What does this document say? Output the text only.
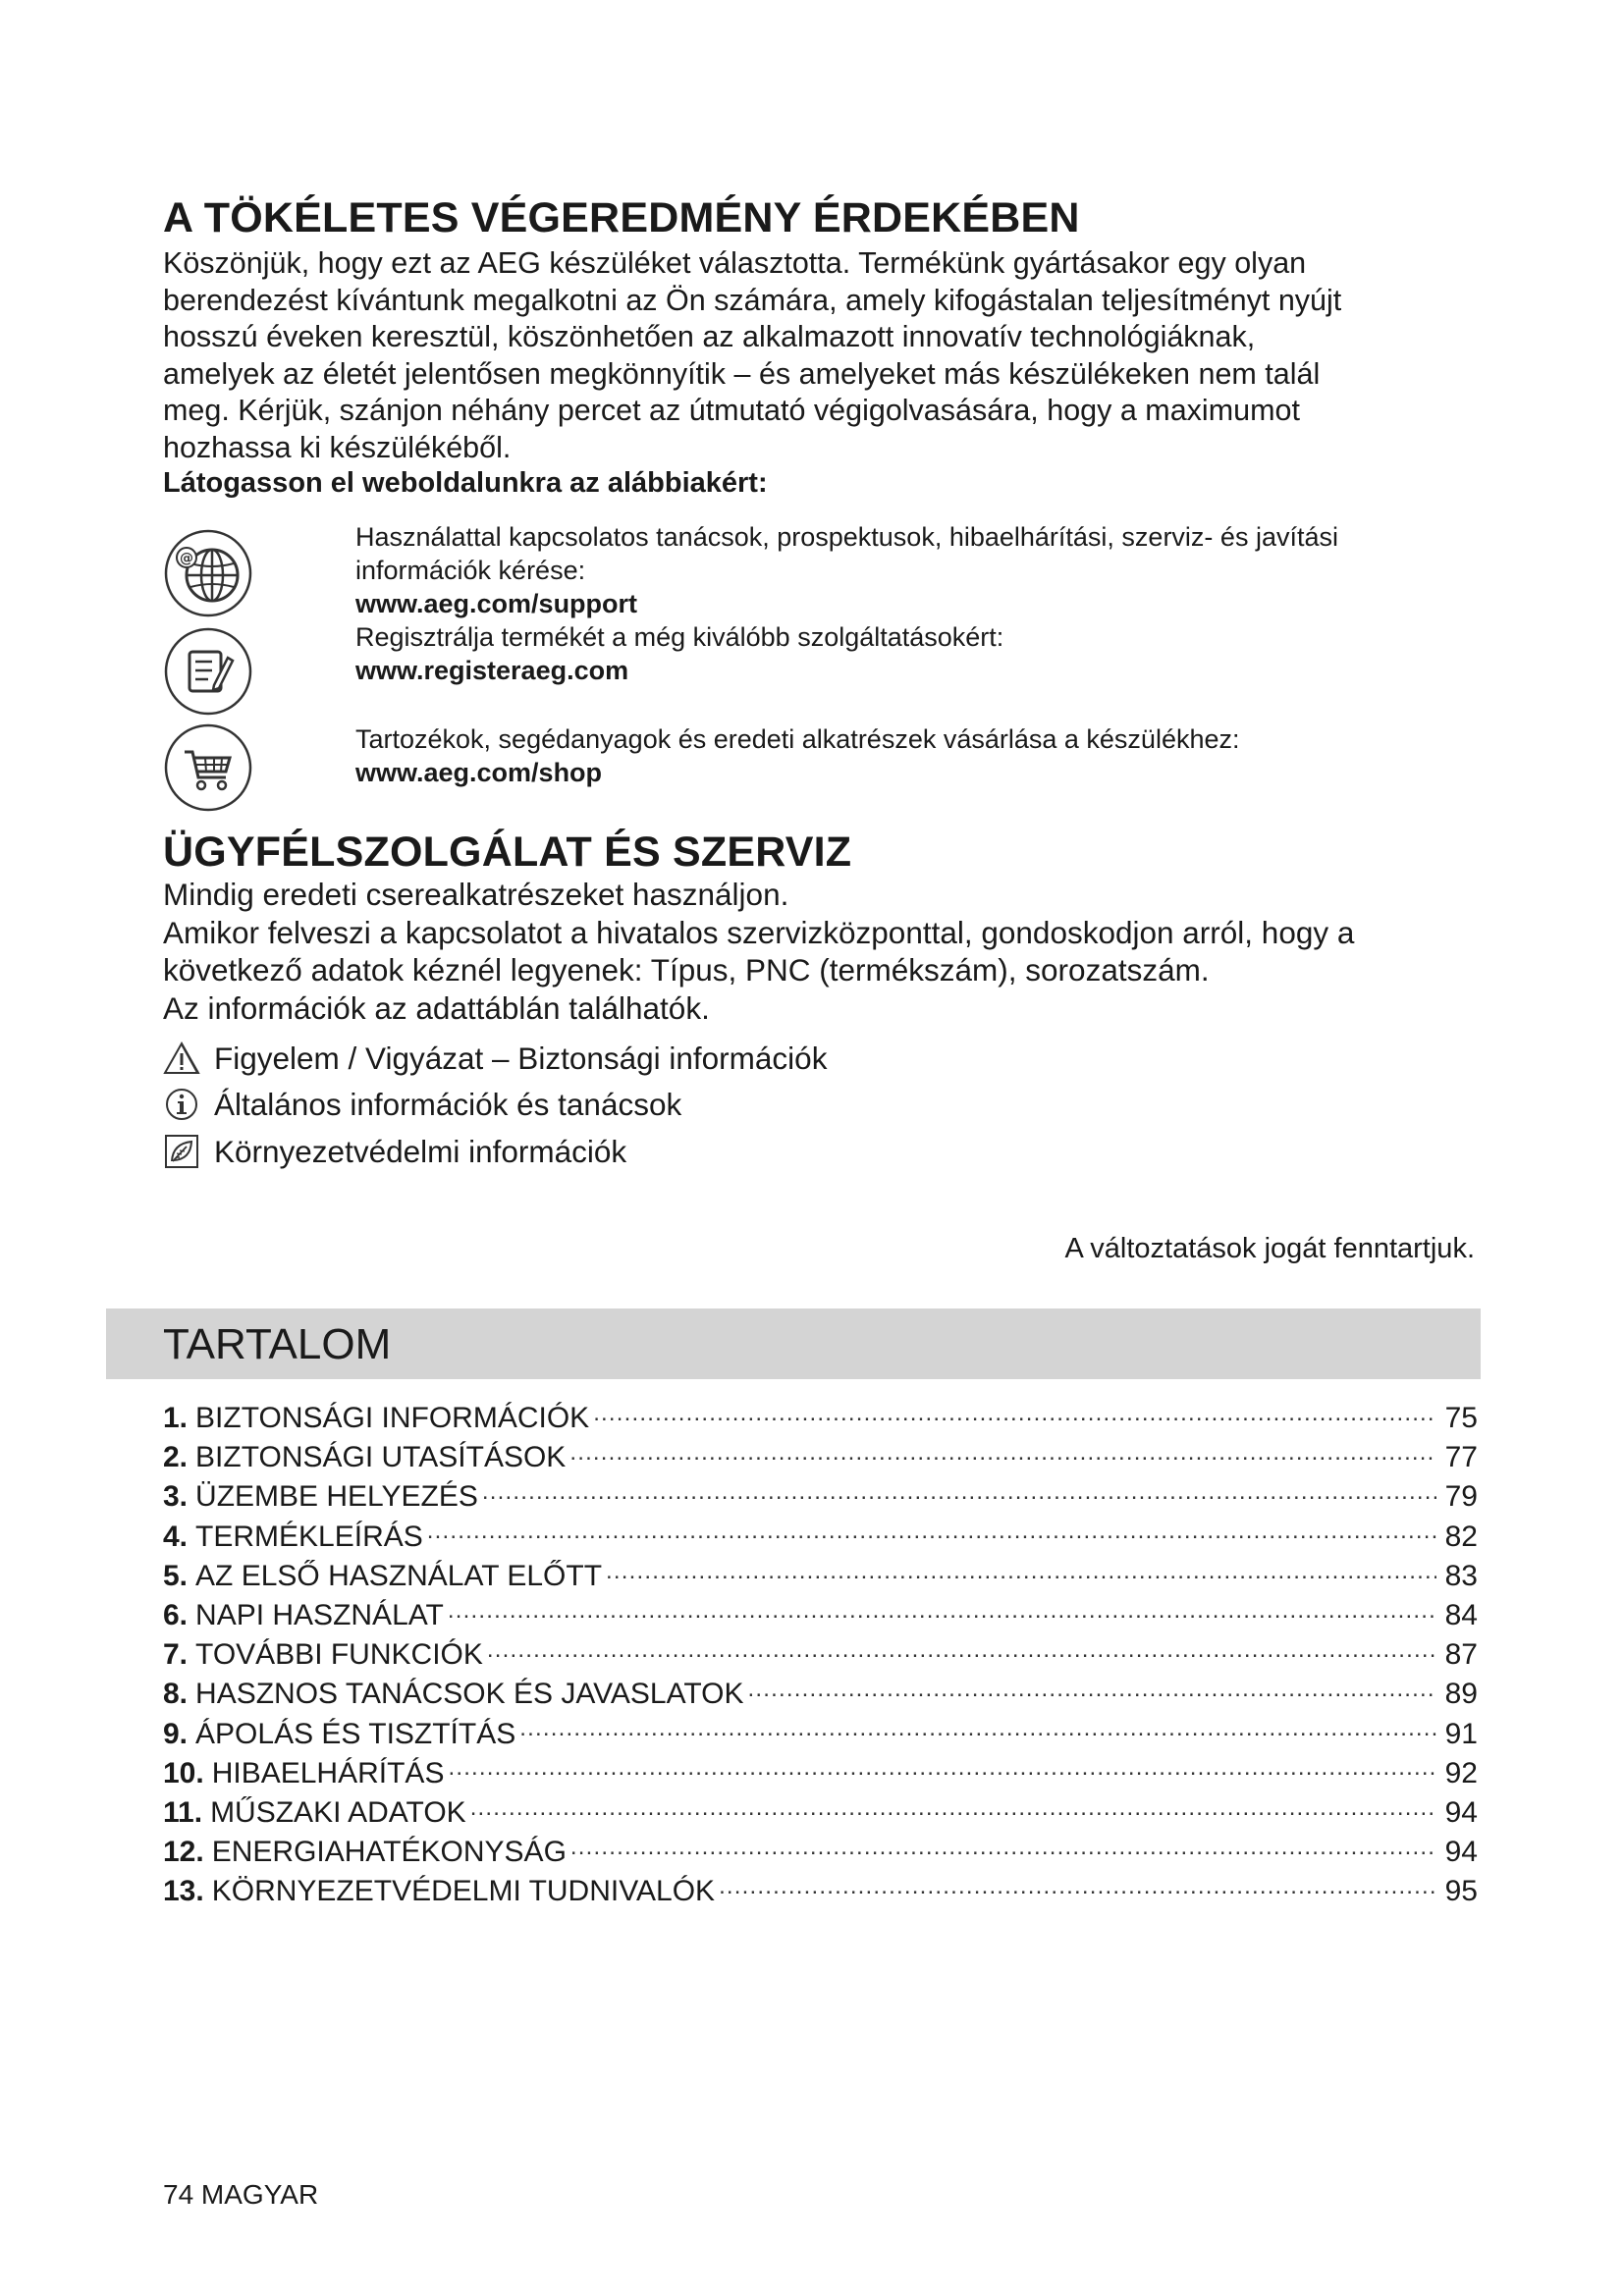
A TÖKÉLETES VÉGEREDMÉNY ÉRDEKÉBEN
Köszönjük, hogy ezt az AEG készüléket választotta. Termékünk gyártásakor egy olyan
berendezést kívántunk megalkotni az Ön számára, amely kifogástalan teljesítményt nyújt
hosszú éveken keresztül, köszönhetően az alkalmazott innovatív technológiáknak,
amelyek az életét jelentősen megkönnyítik – és amelyeket más készülékeken nem talál
meg. Kérjük, szánjon néhány percet az útmutató végigolvasására, hogy a maximumot
hozhassa ki készülékéből.
Látogasson el weboldalunkra az alábbiakért:
@
Használattal kapcsolatos tanácsok, prospektusok, hibaelhárítási, szerviz- és javítási
információk kérése:
www.aeg.com/support
Regisztrálja termékét a még kiválóbb szolgáltatásokért:
www.registeraeg.com
Tartozékok, segédanyagok és eredeti alkatrészek vásárlása a készülékhez:
www.aeg.com/shop
ÜGYFÉLSZOLGÁLAT ÉS SZERVIZ

Mindig eredeti cserealkatrészeket használjon.

Amikor felveszi a kapcsolatot a hivatalos szervizközponttal, gondoskodjon arról, hogy a

következő adatok kéznél legyenek: Típus, PNC (termékszám), sorozatszám.

Az információk az adattáblán találhatók.

Figyelem / Vigyázat – Biztonsági információk
Általános információk és tanácsok
Környezetvédelmi információk
A változtatások jogát fenntartjuk.
TARTALOM
1. BIZTONSÁGI INFORMÁCIÓK .....	75
2. BIZTONSÁGI UTASÍTÁSOK .....	77
3. ÜZEMBE HELYEZÉS .....	79
4. TERMÉKLEÍRÁS .....	82
5. AZ ELSŐ HASZNÁLAT ELŐTT .....	83
6. NAPI HASZNÁLAT .....	84
7. TOVÁBBI FUNKCIÓK .....	87
8. HASZNOS TANÁCSOK ÉS JAVASLATOK .....	89
9. ÁPOLÁS ÉS TISZTÍTÁS .....	91
10. HIBAELHÁRÍTÁS .....	92
11. MŰSZAKI ADATOK .....	94
12. ENERGIAHATÉKONYSÁG .....	94
13. KÖRNYEZETVÉDELMI TUDNIVALÓK .....	95
74 MAGYAR
